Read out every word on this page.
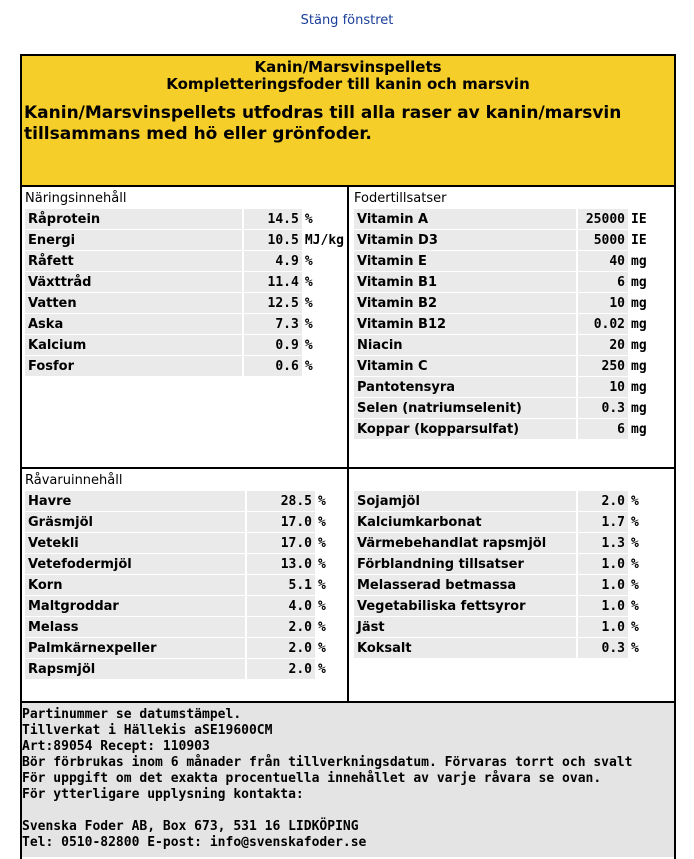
Stäng fönstret
Kanin/Marsvinspellets
Kompletteringsfoder till kanin och marsvin
Kanin/Marsvinspellets utfodras till alla raser av kanin/marsvin tillsammans med hö eller grönfoder.
Näringsinnehåll
Råprotein	14.5	%
Energi	10.5	MJ/kg
Råfett	4.9	%
Växttråd	11.4	%
Vatten	12.5	%
Aska	7.3	%
Kalcium	0.9	%
Fosfor	0.6	%
Fodertillsatser
Vitamin A	25000	IE
Vitamin D3	5000	IE
Vitamin E	40	mg
Vitamin B1	6	mg
Vitamin B2	10	mg
Vitamin B12	0.02	mg
Niacin	20	mg
Vitamin C	250	mg
Pantotensyra	10	mg
Selen (natriumselenit)	0.3	mg
Koppar (kopparsulfat)	6	mg
Råvaruinnehåll
Havre	28.5	%
Gräsmjöl	17.0	%
Vetekli	17.0	%
Vetefodermjöl	13.0	%
Korn	5.1	%
Maltgroddar	4.0	%
Melass	2.0	%
Palmkärnexpeller	2.0	%
Rapsmjöl	2.0	%
Sojamjöl	2.0	%
Kalciumkarbonat	1.7	%
Värmebehandlat rapsmjöl	1.3	%
Förblandning tillsatser	1.0	%
Melasserad betmassa	1.0	%
Vegetabiliska fettsyror	1.0	%
Jäst	1.0	%
Koksalt	0.3	%
Partinummer se datumstämpel.
Tillverkat i Hällekis aSE19600CM
Art:89054 Recept: 110903
Bör förbrukas inom 6 månader från tillverkningsdatum. Förvaras torrt och svalt
För uppgift om det exakta procentuella innehållet av varje råvara se ovan.
För ytterligare upplysning kontakta:
Svenska Foder AB, Box 673, 531 16 LIDKÖPING
Tel: 0510-82800 E-post: info@svenskafoder.se
